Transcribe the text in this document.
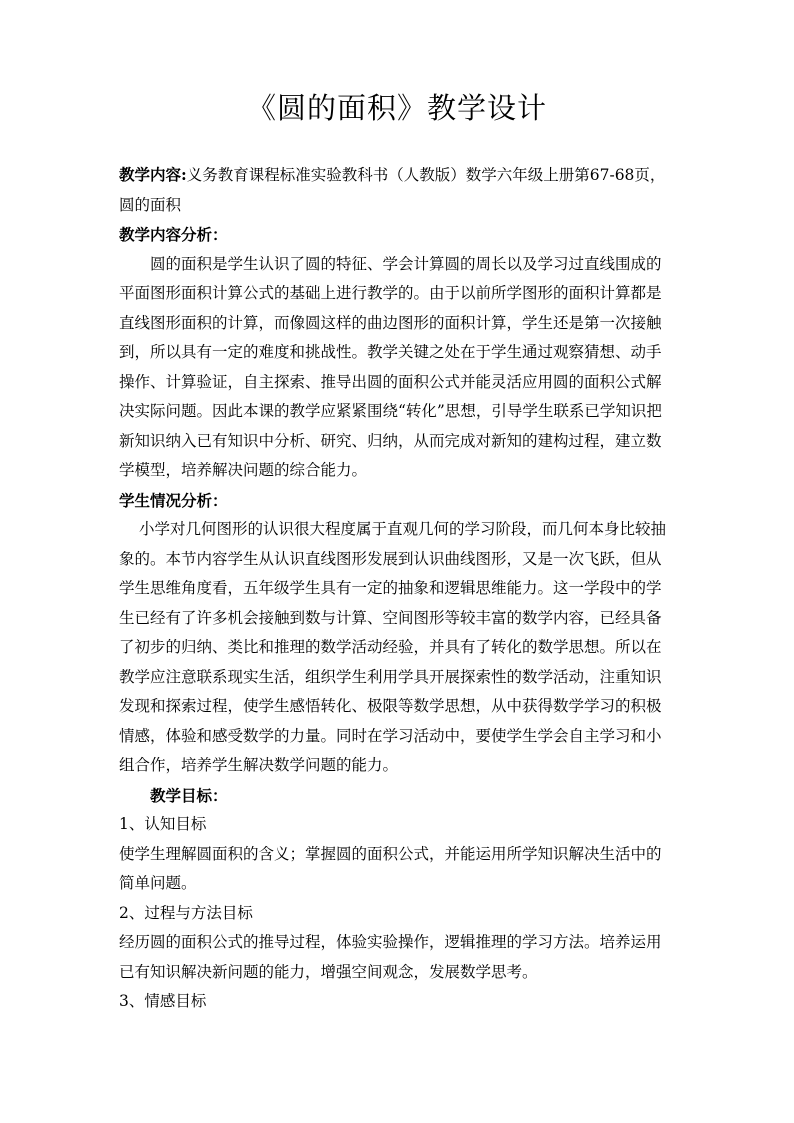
《圆的面积》教学设计

教学内容:义务教育课程标准实验教科书（人教版）数学六年级上册第67-68页，圆的面积

教学内容分析：

圆的面积是学生认识了圆的特征、学会计算圆的周长以及学习过直线围成的平面图形面积计算公式的基础上进行教学的。由于以前所学图形的面积计算都是直线图形面积的计算，而像圆这样的曲边图形的面积计算，学生还是第一次接触到，所以具有一定的难度和挑战性。教学关键之处在于学生通过观察猜想、动手操作、计算验证，自主探索、推导出圆的面积公式并能灵活应用圆的面积公式解决实际问题。因此本课的教学应紧紧围绕“转化”思想，引导学生联系已学知识把新知识纳入已有知识中分析、研究、归纳，从而完成对新知的建构过程，建立数学模型，培养解决问题的综合能力。

学生情况分析：

小学对几何图形的认识很大程度属于直观几何的学习阶段，而几何本身比较抽象的。本节内容学生从认识直线图形发展到认识曲线图形，又是一次飞跃，但从学生思维角度看，五年级学生具有一定的抽象和逻辑思维能力。这一学段中的学生已经有了许多机会接触到数与计算、空间图形等较丰富的数学内容，已经具备了初步的归纳、类比和推理的数学活动经验，并具有了转化的数学思想。所以在教学应注意联系现实生活，组织学生利用学具开展探索性的数学活动，注重知识发现和探索过程，使学生感悟转化、极限等数学思想，从中获得数学学习的积极情感，体验和感受数学的力量。同时在学习活动中，要使学生学会自主学习和小组合作，培养学生解决数学问题的能力。

教学目标：

1、认知目标

使学生理解圆面积的含义；掌握圆的面积公式，并能运用所学知识解决生活中的简单问题。

2、过程与方法目标

经历圆的面积公式的推导过程，体验实验操作，逻辑推理的学习方法。培养运用已有知识解决新问题的能力，增强空间观念，发展数学思考。

3、情感目标
